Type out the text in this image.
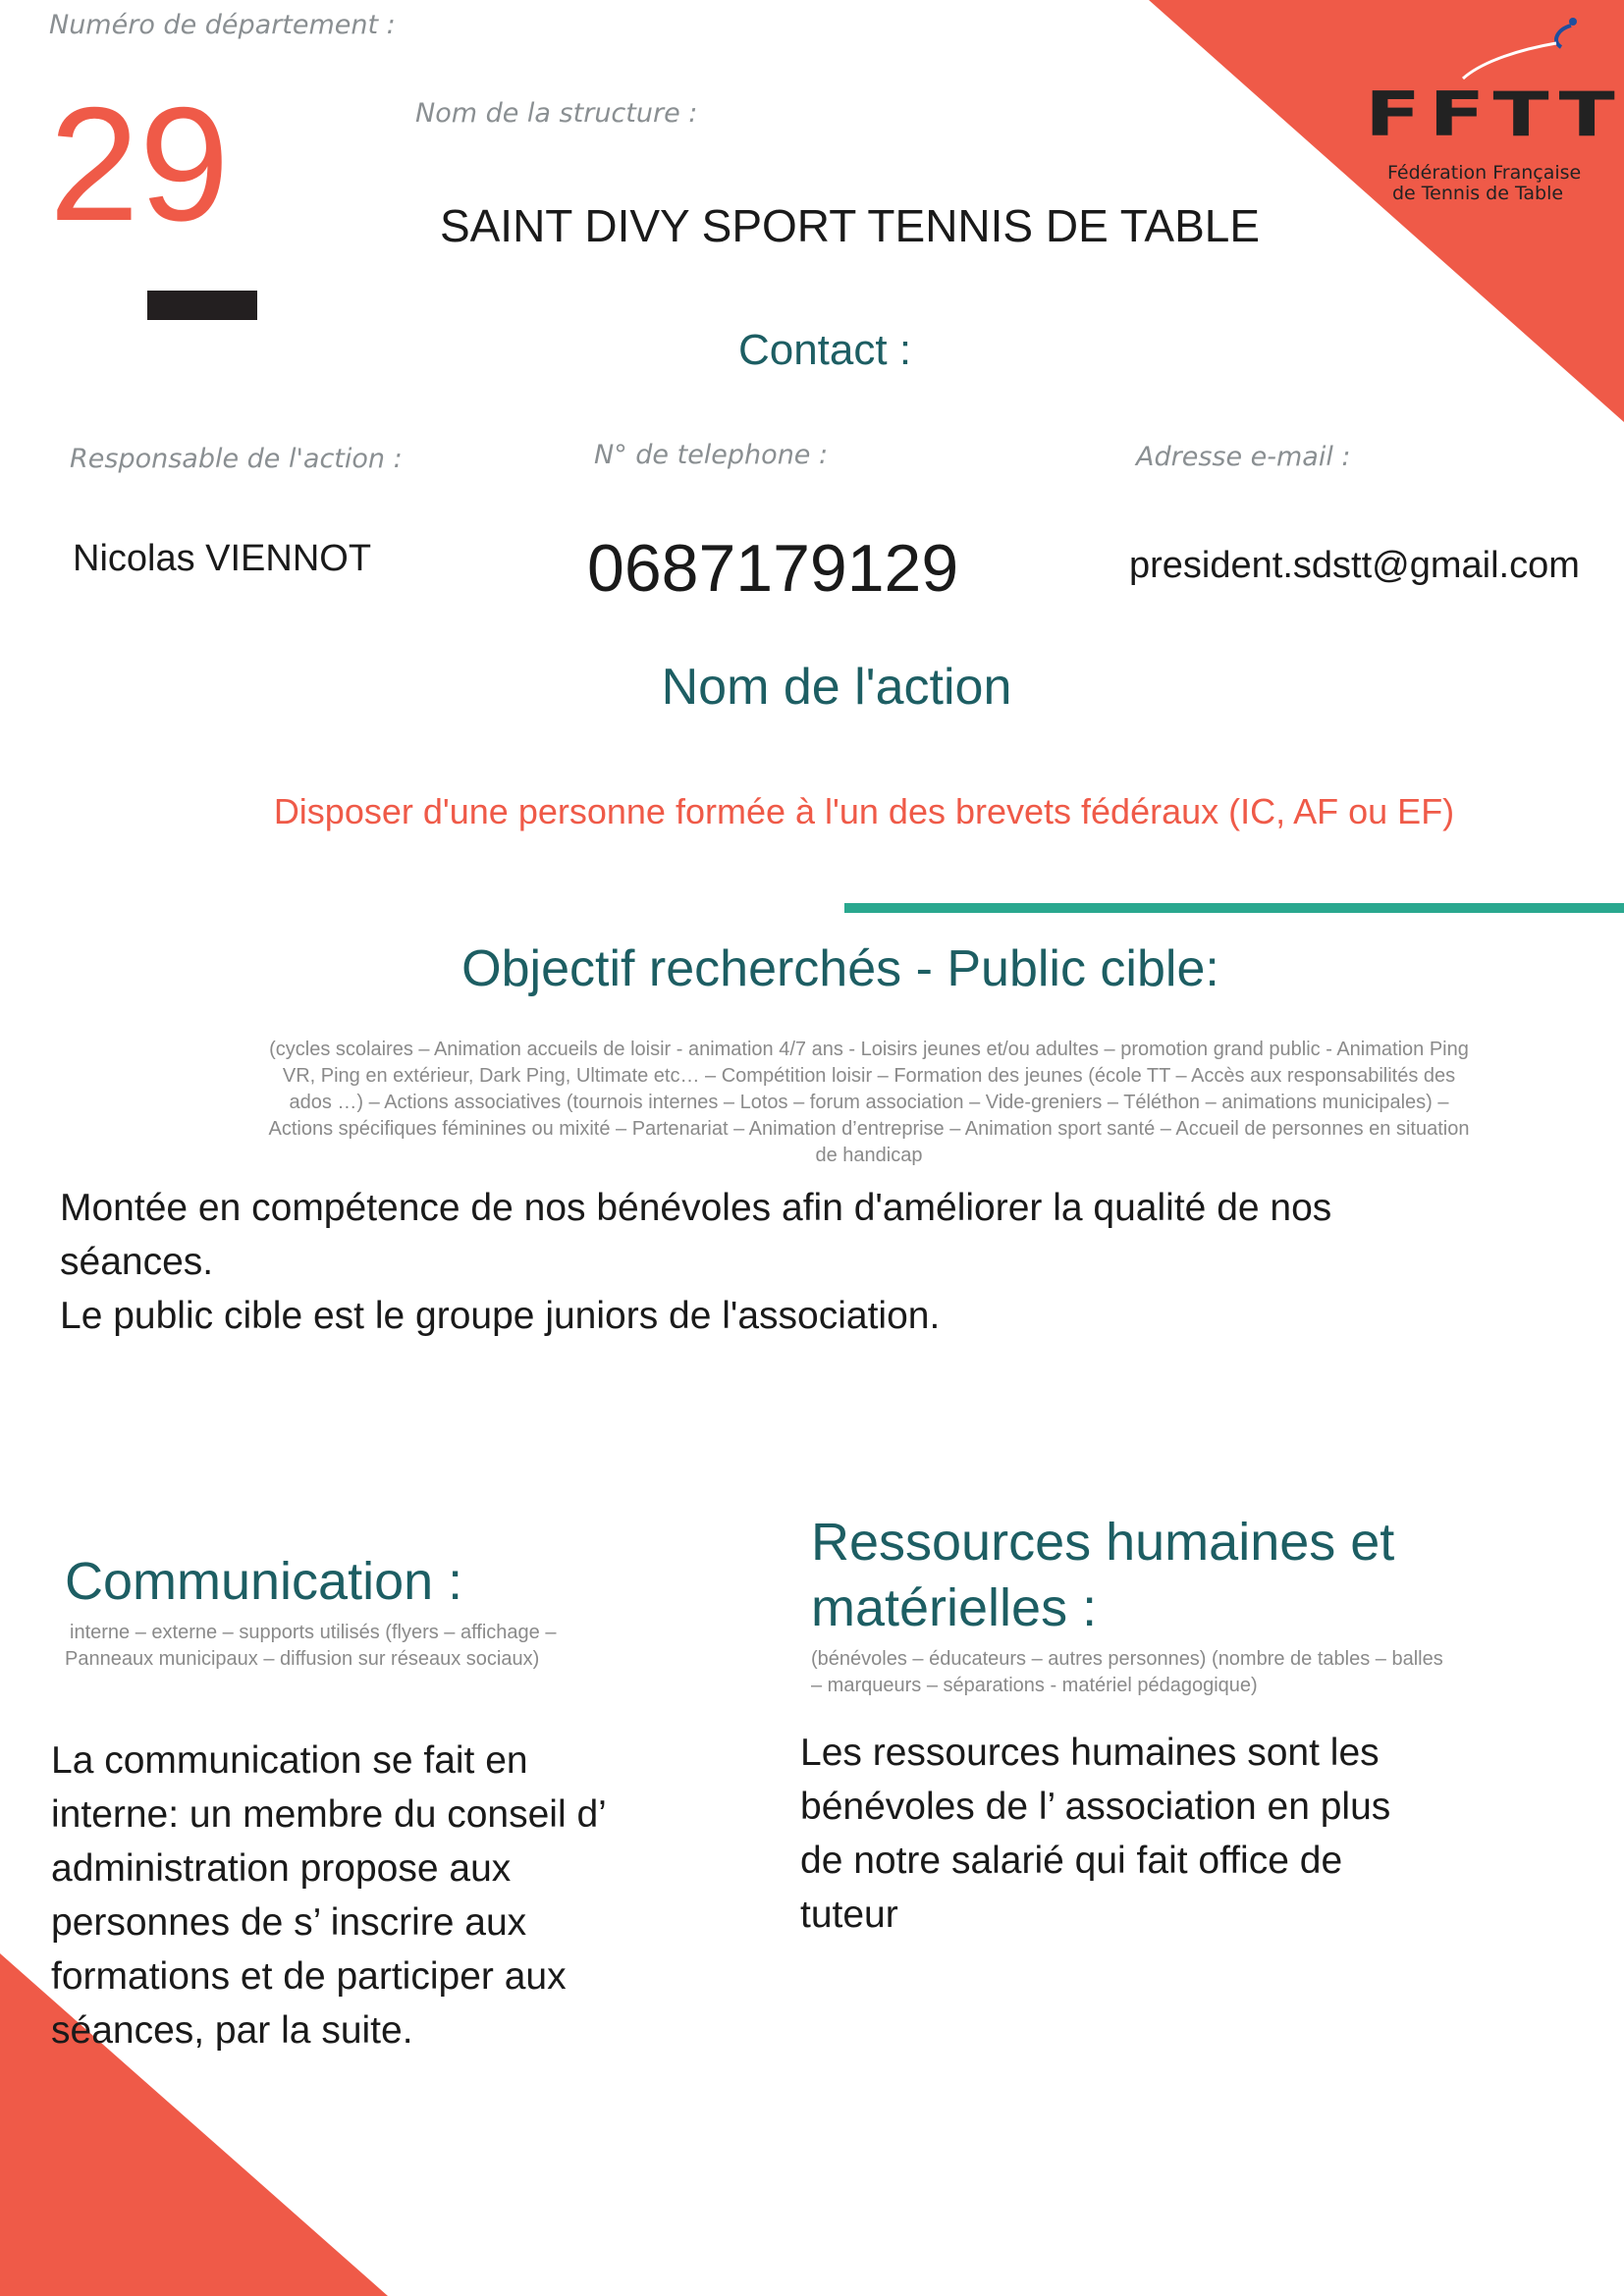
FFTT
Fédération Française
de Tennis de Table
Numéro de département :
29	Nom de la structure :
SAINT DIVY SPORT TENNIS DE TABLE
Contact :
Responsable de l'action :	N° de telephone :	Adresse e-mail :
Nicolas VIENNOT	0687179129	president.sdstt@gmail.com
Nom de l'action
Disposer d'une personne formée à l'un des brevets fédéraux (IC, AF ou EF)
Objectif recherchés - Public cible:
(cycles scolaires – Animation accueils de loisir - animation 4/7 ans - Loisirs jeunes et/ou adultes – promotion grand public - Animation Ping
VR, Ping en extérieur, Dark Ping, Ultimate etc… – Compétition loisir – Formation des jeunes (école TT – Accès aux responsabilités des
ados …) – Actions associatives (tournois internes – Lotos – forum association – Vide-greniers – Téléthon – animations municipales) –
Actions spécifiques féminines ou mixité – Partenariat – Animation d’entreprise – Animation sport santé – Accueil de personnes en situation
de handicap
Montée en compétence de nos bénévoles afin d'améliorer la qualité de nos
séances.
Le public cible est le groupe juniors de l'association.
Communication :
interne – externe – supports utilisés (flyers – affichage –
Panneaux municipaux – diffusion sur réseaux sociaux)
La communication se fait en
interne: un membre du conseil d’
administration propose aux
personnes de s’ inscrire aux
formations et de participer aux
séances, par la suite.
Ressources humaines et
matérielles :
(bénévoles – éducateurs – autres personnes) (nombre de tables – balles
– marqueurs – séparations - matériel pédagogique)
Les ressources humaines sont les
bénévoles de l’ association en plus
de notre salarié qui fait office de
tuteur
